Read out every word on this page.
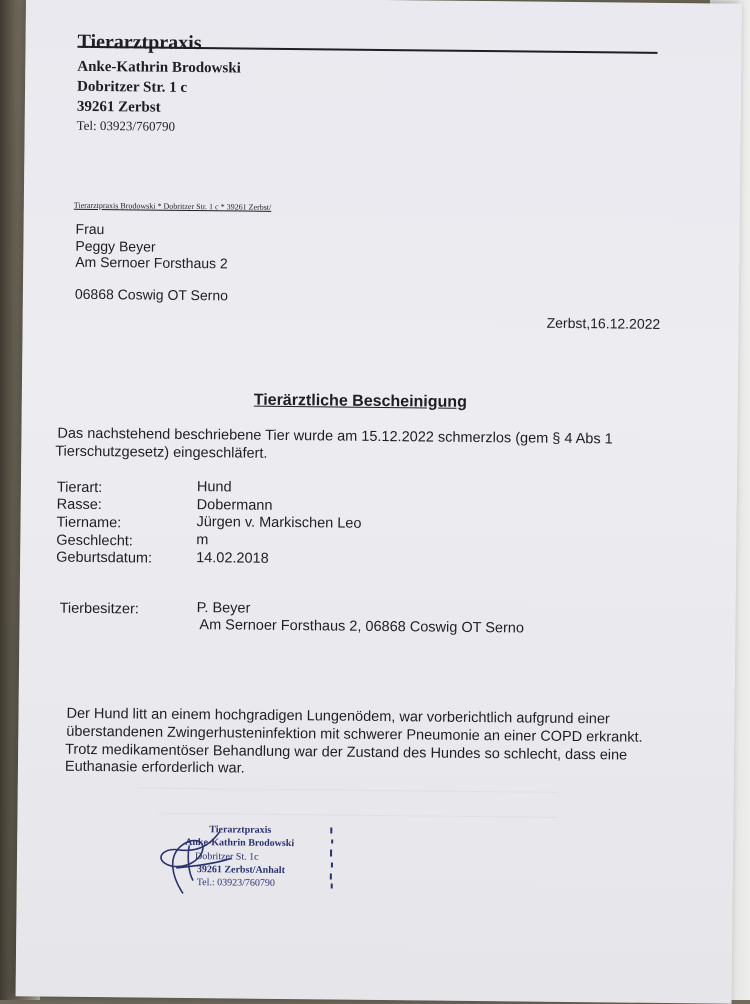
Tierarztpraxis
Anke-Kathrin Brodowski
Dobritzer Str. 1 c
39261 Zerbst
Tel: 03923/760790
Tierarztpraxis Brodowski * Dobritzer Str. 1 c * 39261 Zerbst/
Frau
Peggy Beyer
Am Sernoer Forsthaus 2
06868 Coswig OT Serno
Zerbst,16.12.2022
Tierärztliche Bescheinigung
Das nachstehend beschriebene Tier wurde am 15.12.2022 schmerzlos (gem § 4 Abs 1
Tierschutzgesetz) eingeschläfert.
Tierart:	Hund
Rasse:	Dobermann
Tiername:	Jürgen v. Markischen Leo
Geschlecht:	m
Geburtsdatum:	14.02.2018
Tierbesitzer:	P. Beyer
Am Sernoer Forsthaus 2, 06868 Coswig OT Serno
Der Hund litt an einem hochgradigen Lungenödem, war vorberichtlich aufgrund einer
überstandenen Zwingerhusteninfektion mit schwerer Pneumonie an einer COPD erkrankt.
Trotz medikamentöser Behandlung war der Zustand des Hundes so schlecht, dass eine
Euthanasie erforderlich war.
Tierarztpraxis
Anke-Kathrin Brodowski
Dobritzer St. 1c
39261 Zerbst/Anhalt
Tel.: 03923/760790
